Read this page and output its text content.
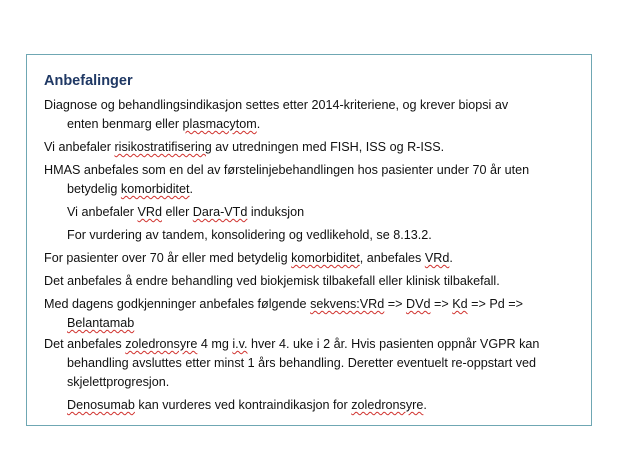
Anbefalinger
Diagnose og behandlingsindikasjon settes etter 2014-kriteriene, og krever biopsi av
enten benmarg eller plasmacytom.
Vi anbefaler risikostratifisering av utredningen med FISH, ISS og R-ISS.
HMAS anbefales som en del av førstelinjebehandlingen hos pasienter under 70 år uten
betydelig komorbiditet.
Vi anbefaler VRd eller Dara-VTd induksjon
For vurdering av tandem, konsolidering og vedlikehold, se 8.13.2.
For pasienter over 70 år eller med betydelig komorbiditet, anbefales VRd.
Det anbefales å endre behandling ved biokjemisk tilbakefall eller klinisk tilbakefall.
Med dagens godkjenninger anbefales følgende sekvens:VRd => DVd => Kd => Pd =>
Belantamab
Det anbefales zoledronsyre 4 mg i.v. hver 4. uke i 2 år. Hvis pasienten oppnår VGPR kan
behandling avsluttes etter minst 1 års behandling. Deretter eventuelt re-oppstart ved
skjelettprogresjon.
Denosumab kan vurderes ved kontraindikasjon for zoledronsyre.
